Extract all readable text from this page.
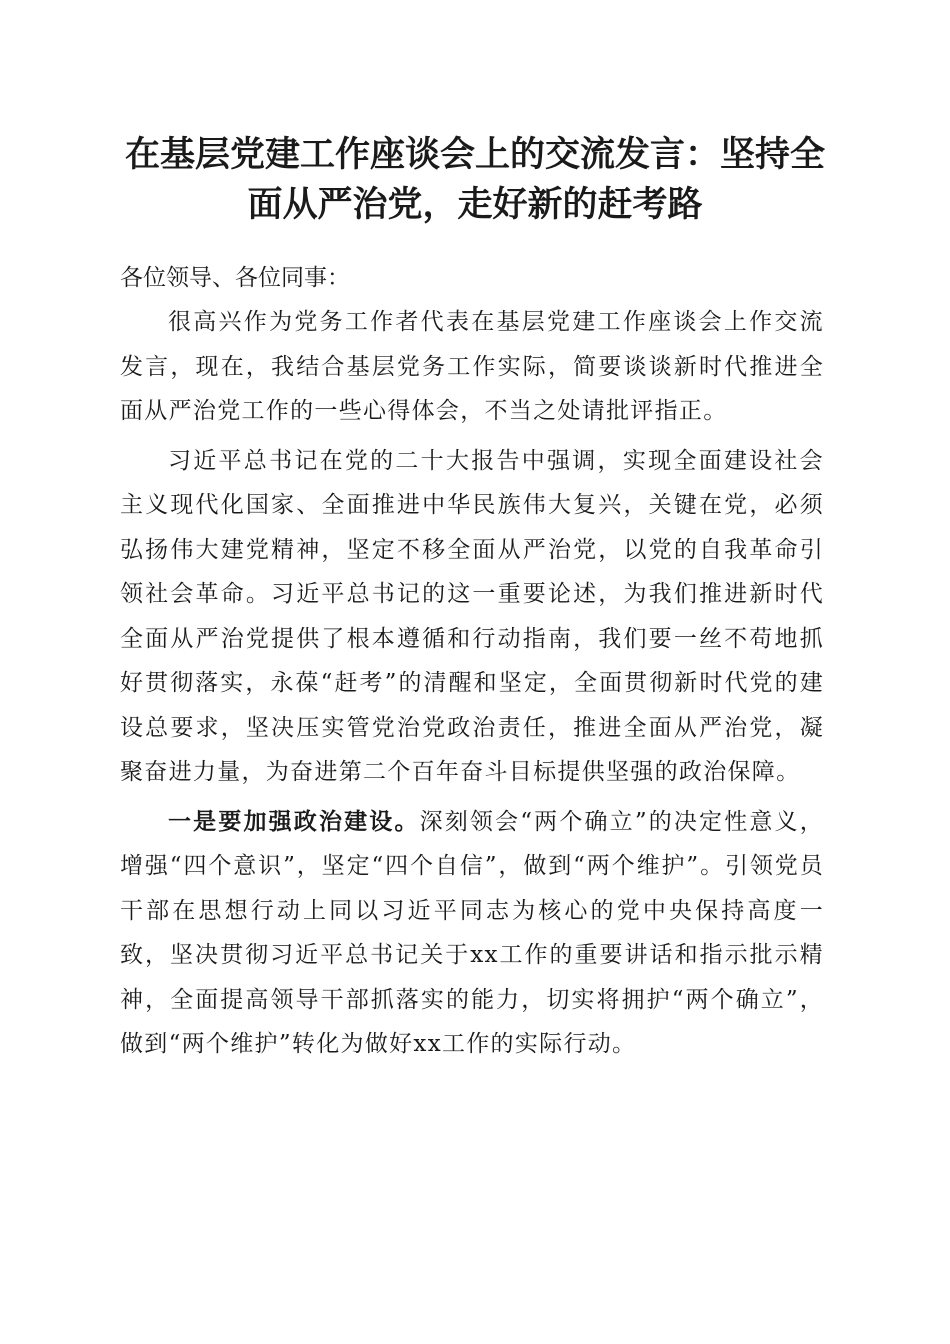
在基层党建工作座谈会上的交流发言：坚持全
面从严治党，走好新的赶考路

各位领导、各位同事：

很高兴作为党务工作者代表在基层党建工作座谈会上作交流发言，现在，我结合基层党务工作实际，简要谈谈新时代推进全面从严治党工作的一些心得体会，不当之处请批评指正。

习近平总书记在党的二十大报告中强调，实现全面建设社会主义现代化国家、全面推进中华民族伟大复兴，关键在党，必须弘扬伟大建党精神，坚定不移全面从严治党，以党的自我革命引领社会革命。习近平总书记的这一重要论述，为我们推进新时代全面从严治党提供了根本遵循和行动指南，我们要一丝不苟地抓好贯彻落实，永葆“赶考”的清醒和坚定，全面贯彻新时代党的建设总要求，坚决压实管党治党政治责任，推进全面从严治党，凝聚奋进力量，为奋进第二个百年奋斗目标提供坚强的政治保障。

一是要加强政治建设。深刻领会“两个确立”的决定性意义，增强“四个意识”，坚定“四个自信”，做到“两个维护”。引领党员干部在思想行动上同以习近平同志为核心的党中央保持高度一致，坚决贯彻习近平总书记关于xx工作的重要讲话和指示批示精神，全面提高领导干部抓落实的能力，切实将拥护“两个确立”，做到“两个维护”转化为做好xx工作的实际行动。
